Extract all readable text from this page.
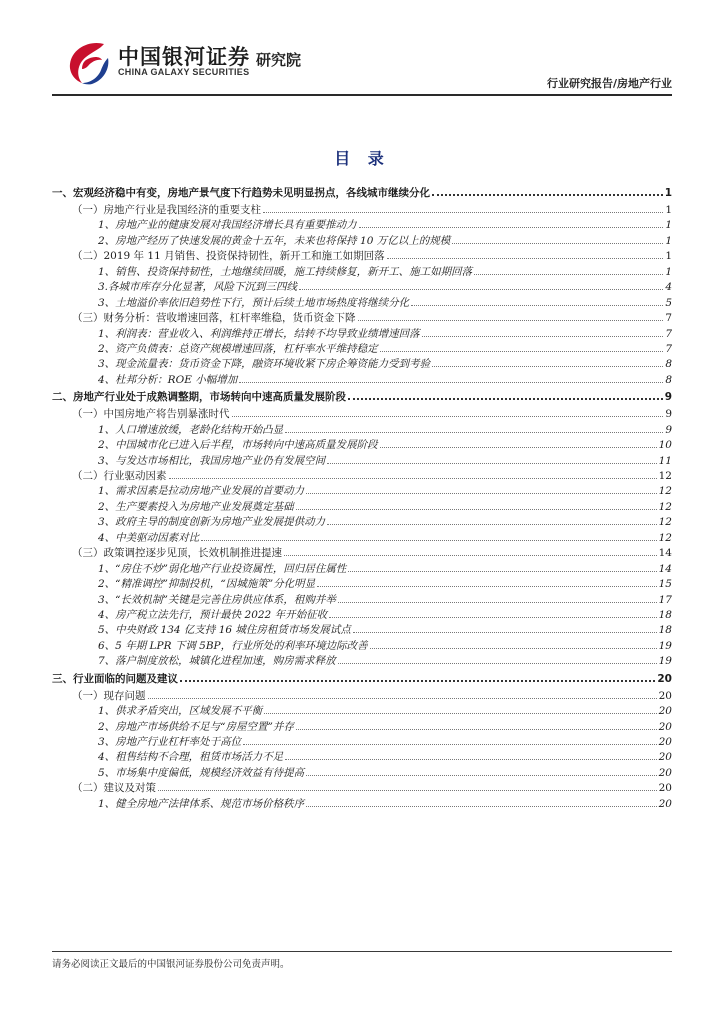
中国银河证券
CHINA GALAXY SECURITIES
研究院
行业研究报告/房地产行业
目 录
一、宏观经济稳中有变，房地产景气度下行趋势未见明显拐点，各线城市继续分化	1
（一）房地产行业是我国经济的重要支柱	1
1、房地产业的健康发展对我国经济增长具有重要推动力	1
2、房地产经历了快速发展的黄金十五年，未来也将保持 10 万亿以上的规模	1
（二）2019 年 11 月销售、投资保持韧性，新开工和施工如期回落	1
1、销售、投资保持韧性，土地继续回暖，施工持续修复，新开工、施工如期回落	1
3.各城市库存分化显著，风险下沉到三四线	4
3、土地溢价率依旧趋势性下行，预计后续土地市场热度将继续分化	5
（三）财务分析：营收增速回落，杠杆率维稳，货币资金下降	7
1、利润表：营业收入、利润维持正增长，结转不均导致业绩增速回落	7
2、资产负债表：总资产规模增速回落，杠杆率水平维持稳定	7
3、现金流量表：货币资金下降，融资环境收紧下房企筹资能力受到考验	8
4、杜邦分析：ROE 小幅增加	8
二、房地产行业处于成熟调整期，市场转向中速高质量发展阶段	9
（一）中国房地产将告别暴涨时代	9
1、人口增速放缓，老龄化结构开始凸显	9
2、中国城市化已进入后半程，市场转向中速高质量发展阶段	10
3、与发达市场相比，我国房地产业仍有发展空间	11
（二）行业驱动因素	12
1、需求因素是拉动房地产业发展的首要动力	12
2、生产要素投入为房地产业发展奠定基础	12
3、政府主导的制度创新为房地产业发展提供动力	12
4、中美驱动因素对比	12
（三）政策调控逐步见顶，长效机制推进提速	14
1、“房住不炒”弱化地产行业投资属性，回归居住属性	14
2、“精准调控”抑制投机，“因城施策”分化明显	15
3、“长效机制”关键是完善住房供应体系，租购并举	17
4、房产税立法先行，预计最快 2022 年开始征收	18
5、中央财政 134 亿支持 16 城住房租赁市场发展试点	18
6、5 年期 LPR 下调 5BP，行业所处的利率环境边际改善	19
7、落户制度放松，城镇化进程加速，购房需求释放	19
三、行业面临的问题及建议	20
（一）现存问题	20
1、供求矛盾突出，区域发展不平衡	20
2、房地产市场供给不足与“房屋空置”并存	20
3、房地产行业杠杆率处于高位	20
4、租售结构不合理，租赁市场活力不足	20
5、市场集中度偏低，规模经济效益有待提高	20
（二）建议及对策	20
1、健全房地产法律体系、规范市场价格秩序	20
请务必阅读正文最后的中国银河证券股份公司免责声明。
